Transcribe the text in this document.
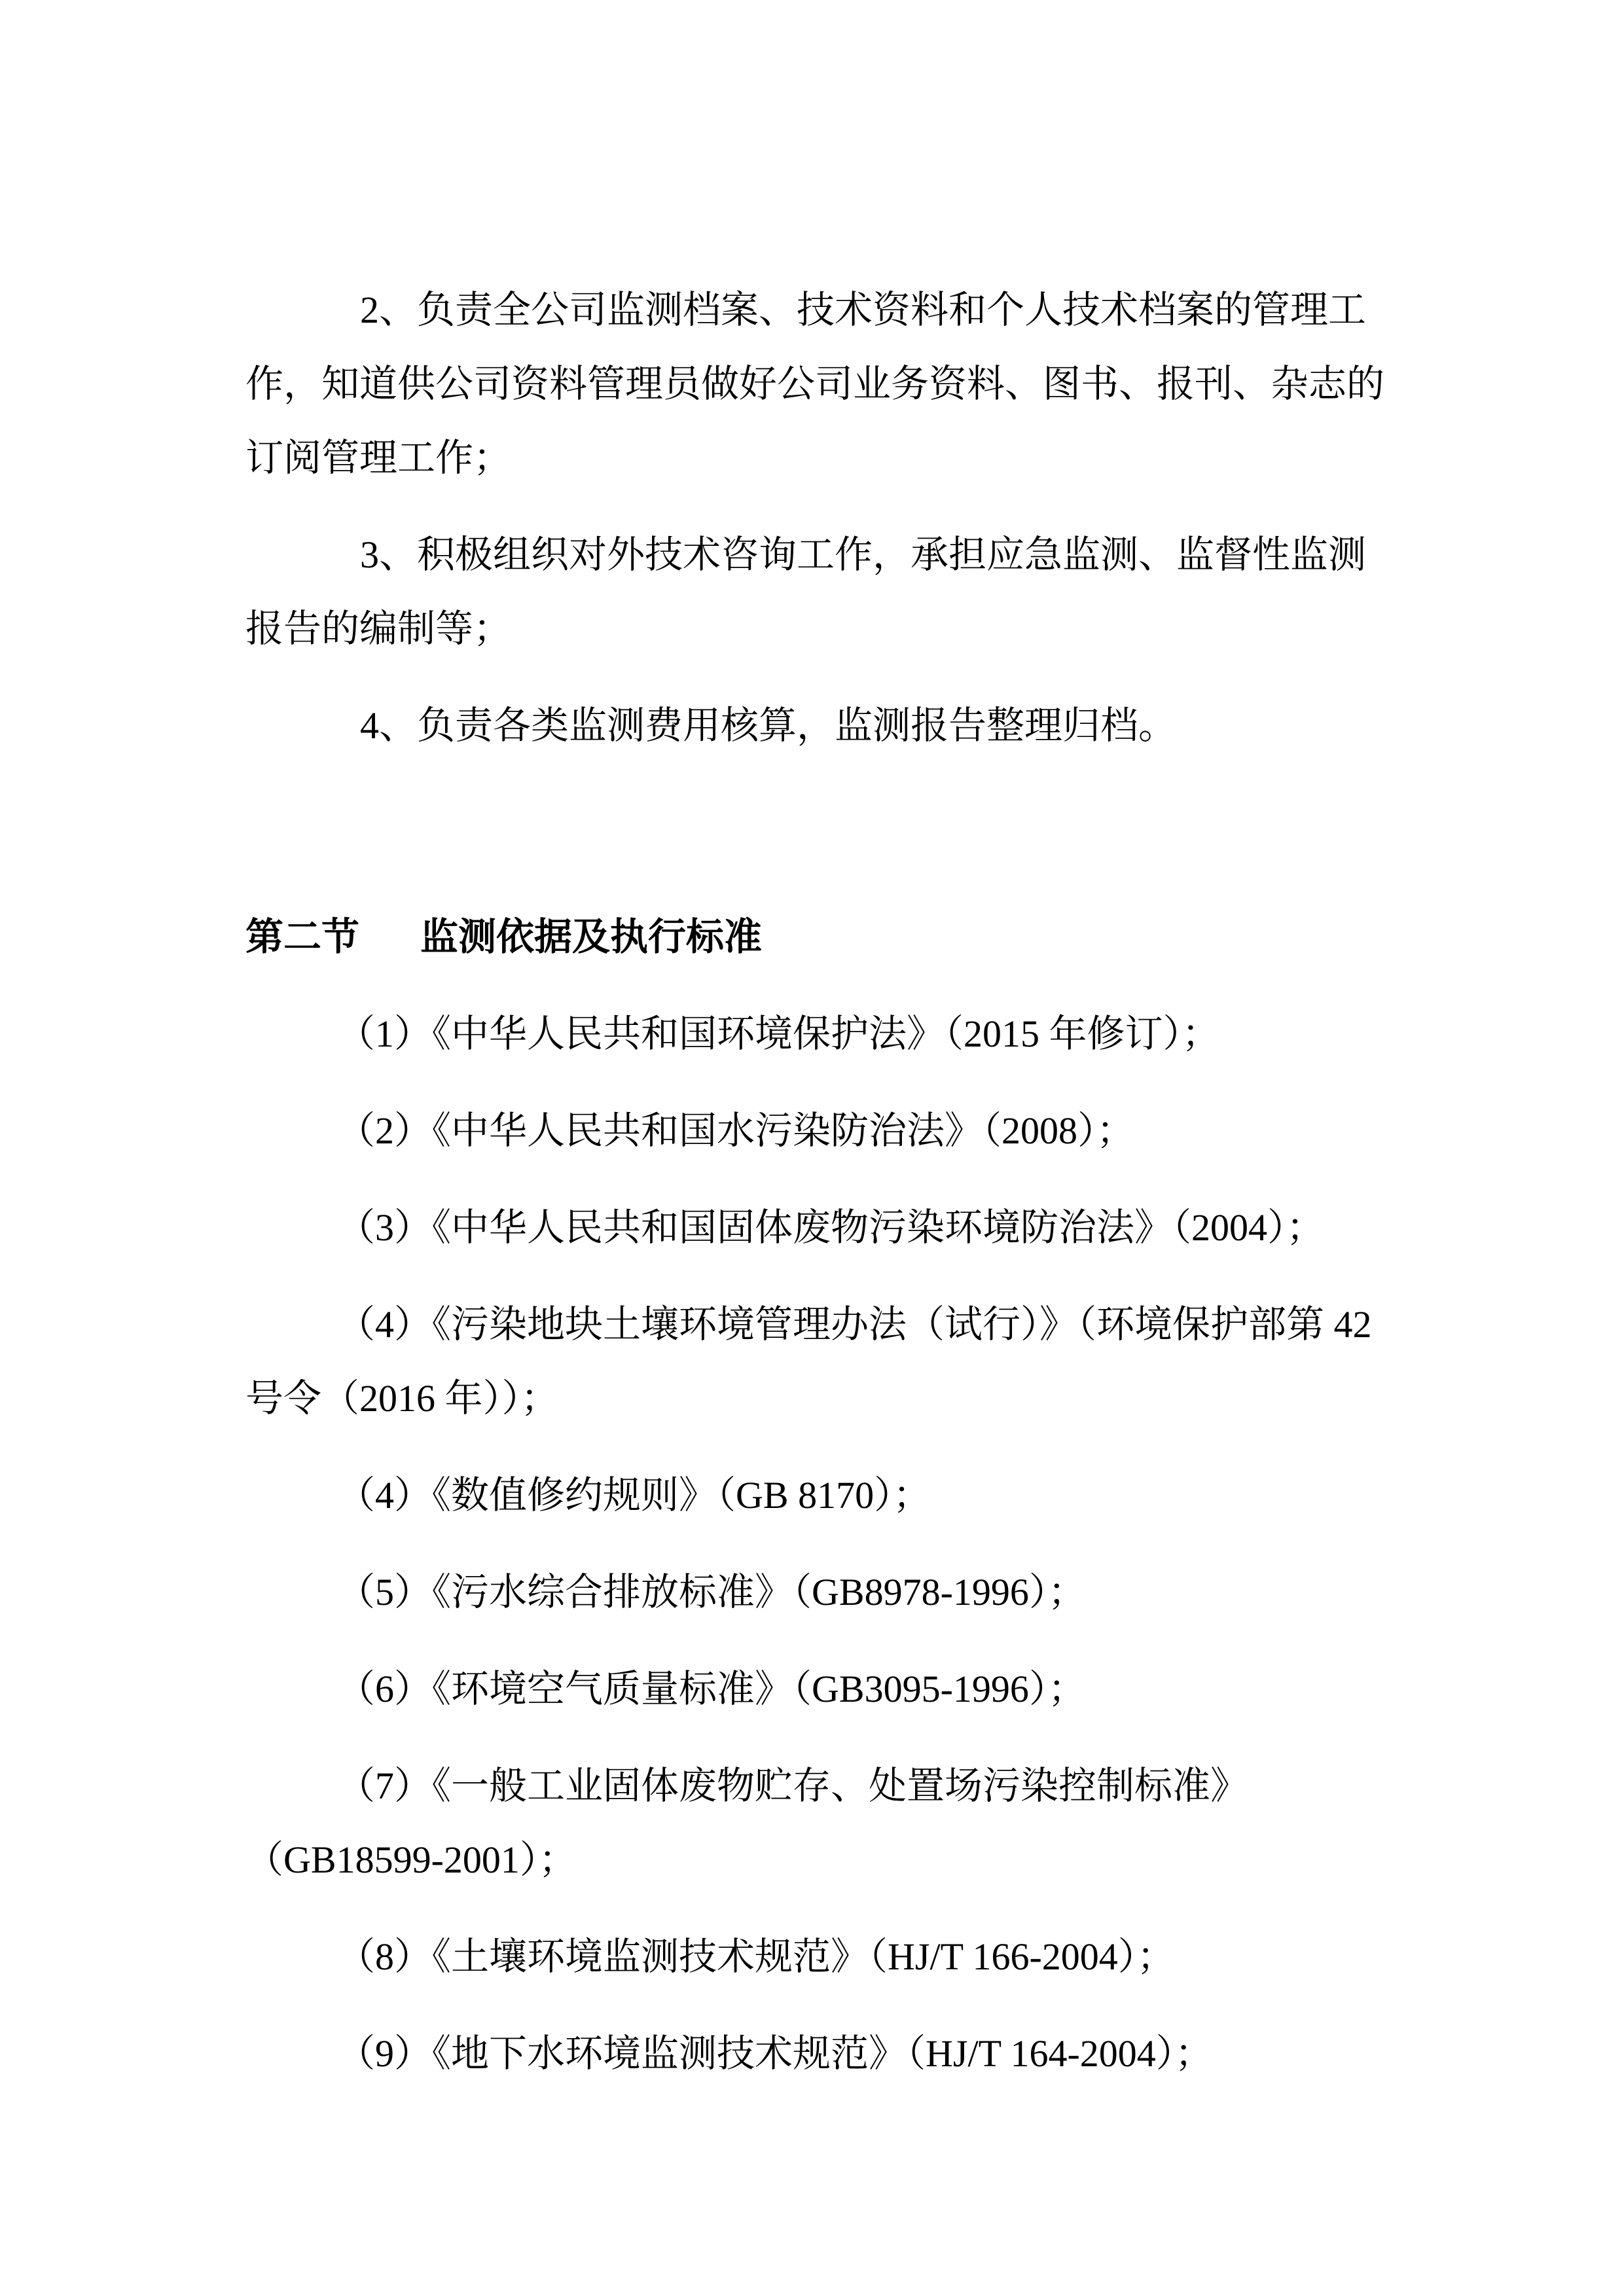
2、负责全公司监测档案、技术资料和个人技术档案的管理工
作，知道供公司资料管理员做好公司业务资料、图书、报刊、杂志的
订阅管理工作；
3、积极组织对外技术咨询工作，承担应急监测、监督性监测
报告的编制等；
4、负责各类监测费用核算，监测报告整理归档。
第二节 监测依据及执行标准
（1）《中华人民共和国环境保护法》（2015 年修订）；
（2）《中华人民共和国水污染防治法》（2008）；
（3）《中华人民共和国固体废物污染环境防治法》（2004）；
（4）《污染地块土壤环境管理办法（试行）》（环境保护部第 42
号令（2016 年））；
（4）《数值修约规则》（GB 8170）；
（5）《污水综合排放标准》（GB8978-1996）；
（6）《环境空气质量标准》（GB3095-1996）；
（7）《一般工业固体废物贮存、处置场污染控制标准》
（GB18599-2001）；
（8）《土壤环境监测技术规范》（HJ/T 166-2004）；
（9）《地下水环境监测技术规范》（HJ/T 164-2004）；
